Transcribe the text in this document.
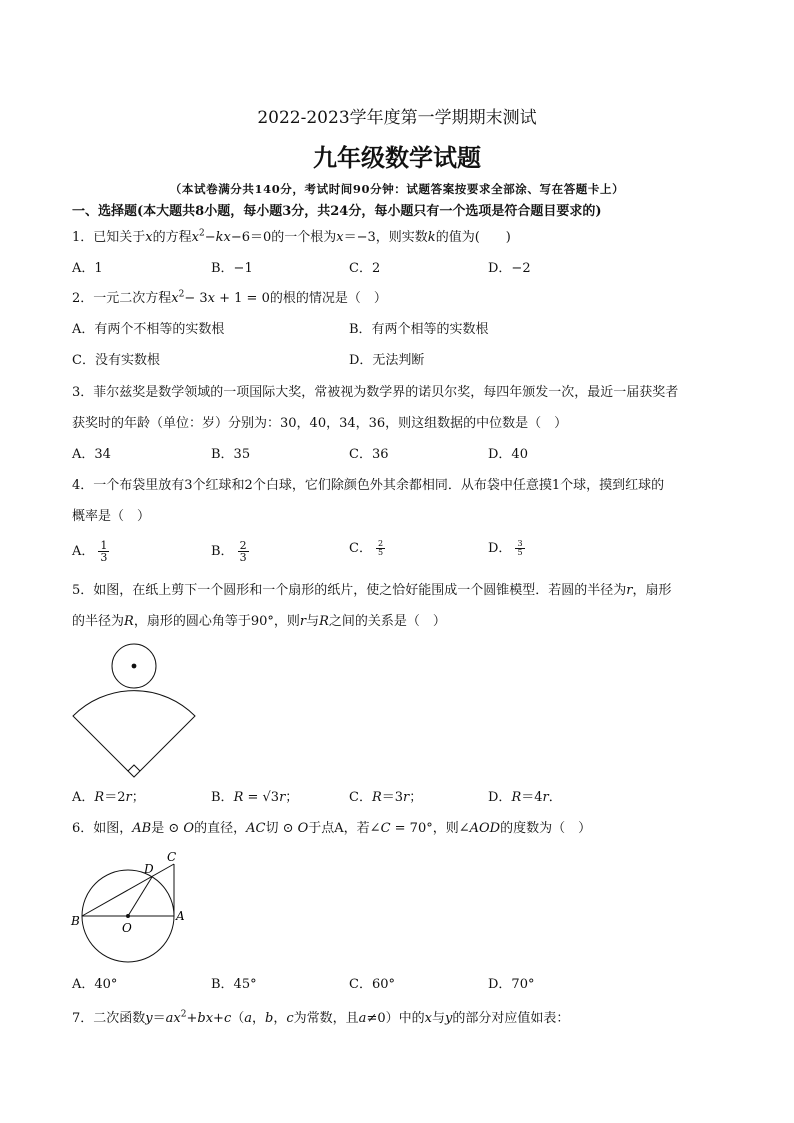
2022-2023学年度第一学期期末测试
九年级数学试题
（本试卷满分共140分，考试时间90分钟：试题答案按要求全部涂、写在答题卡上）
一、选择题(本大题共8小题，每小题3分，共24分，每小题只有一个选项是符合题目要求的)
1．已知关于x的方程$x^2-kx-6=0$的一个根为x＝−3，则实数k的值为(　　)
A．1	B．−1	C．2	D．−2
2．一元二次方程$x^2- 3x + 1 = 0$的根的情况是（　）
A．有两个不相等的实数根	B．有两个相等的实数根
C．没有实数根	D．无法判断
3．菲尔兹奖是数学领域的一项国际大奖，常被视为数学界的诺贝尔奖，每四年颁发一次，最近一届获奖者
获奖时的年龄（单位：岁）分别为：30，40，34，36，则这组数据的中位数是（　）
A．34	B．35	C．36	D．40
4．一个布袋里放有3个红球和2个白球，它们除颜色外其余都相同．从布袋中任意摸1个球，摸到红球的
概率是（　）
A． $\frac{1}{3}$	B． $\frac{2}{3}$	C． $\frac{2}{5}$	D． $\frac{3}{5}$
5．如图，在纸上剪下一个圆形和一个扇形的纸片，使之恰好能围成一个圆锥模型．若圆的半径为r，扇形
的半径为R，扇形的圆心角等于90°，则r与R之间的关系是（　）
A．R＝2r；	B．R = √3r；	C．R＝3r；	D．R＝4r．
6．如图，AB是 ⊙ O的直径，AC切 ⊙ O于点A，若∠C = 70°，则∠AOD的度数为（　）
B	O
A
D
C
A．40°	B．45°	C．60°	D．70°
7．二次函数$y=ax^2+bx+c(a$，b，c为常数，且a≠0）中的x与y的部分对应值如表：
